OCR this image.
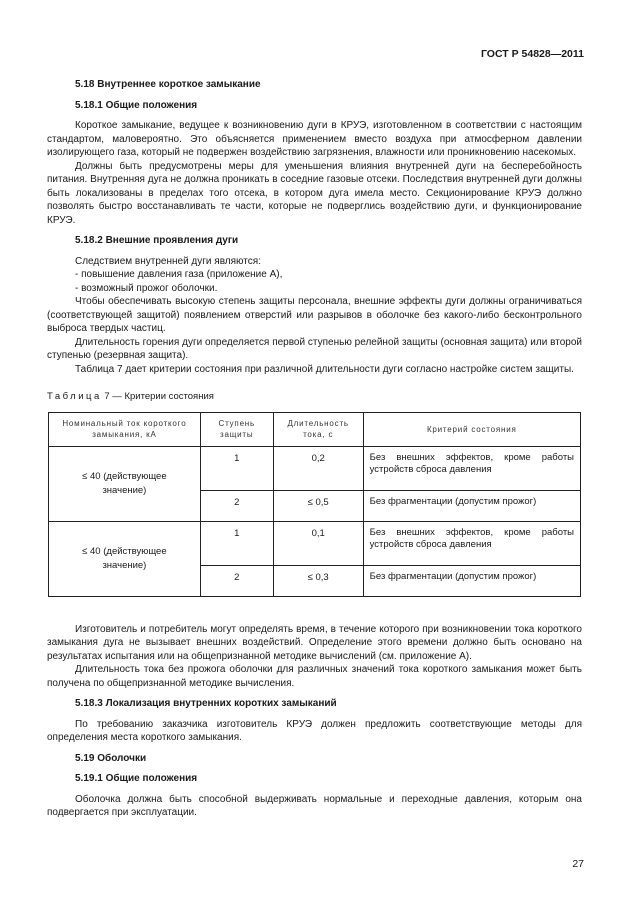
ГОСТ Р 54828—2011
5.18 Внутреннее короткое замыкание
5.18.1 Общие положения

Короткое замыкание, ведущее к возникновению дуги в КРУЭ, изготовленном в соответствии с настоящим стандартом, маловероятно. Это объясняется применением вместо воздуха при атмосферном давлении изолирующего газа, который не подвержен воздействию загрязнения, влажности или проникновению насекомых.

Должны быть предусмотрены меры для уменьшения влияния внутренней дуги на бесперебойность питания. Внутренняя дуга не должна проникать в соседние газовые отсеки. Последствия внутренней дуги должны быть локализованы в пределах того отсека, в котором дуга имела место. Секционирование КРУЭ должно позволять быстро восстанавливать те части, которые не подверглись воздействию дуги, и функционирование КРУЭ.

5.18.2 Внешние проявления дуги

Следствием внутренней дуги являются:

- повышение давления газа (приложение А),

- возможный прожог оболочки.

Чтобы обеспечивать высокую степень защиты персонала, внешние эффекты дуги должны ограничиваться (соответствующей защитой) появлением отверстий или разрывов в оболочке без какого-либо бесконтрольного выброса твердых частиц.

Длительность горения дуги определяется первой ступенью релейной защиты (основная защита) или второй ступенью (резервная защита).

Таблица 7 дает критерии состояния при различной длительности дуги согласно настройке систем защиты.

Таблица 7 — Критерии состояния
Номинальный ток короткого замыкания, кА	Ступень защиты	Длительность тока, с	Критерий состояния
≤ 40 (действующее значение)	1	0,2	Без внешних эффектов, кроме работы устройств сброса давления
	2	≤ 0,5	Без фрагментации (допустим прожог)
≤ 40 (действующее значение)	1	0,1	Без внешних эффектов, кроме работы устройств сброса давления
	2	≤ 0,3	Без фрагментации (допустим прожог)

Изготовитель и потребитель могут определять время, в течение которого при возникновении тока короткого замыкания дуга не вызывает внешних воздействий. Определение этого времени должно быть основано на результатах испытания или на общепризнанной методике вычислений (см. приложение А).

Длительность тока без прожога оболочки для различных значений тока короткого замыкания может быть получена по общепризнанной методике вычисления.

5.18.3 Локализация внутренних коротких замыканий

По требованию заказчика изготовитель КРУЭ должен предложить соответствующие методы для определения места короткого замыкания.

5.19 Оболочки
5.19.1 Общие положения

Оболочка должна быть способной выдерживать нормальные и переходные давления, которым она подвергается при эксплуатации.

27
